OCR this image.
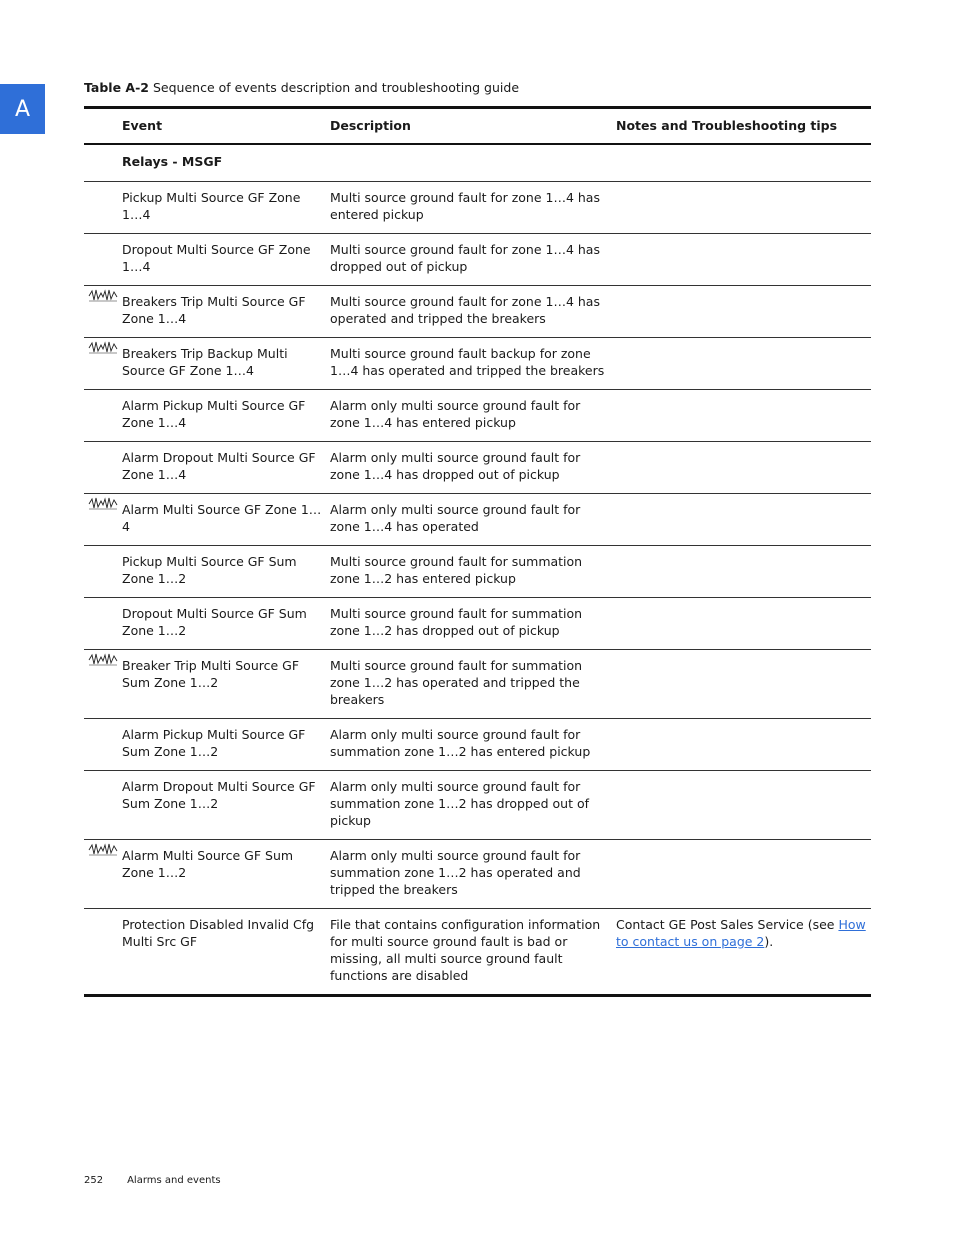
A
Table A-2 Sequence of events description and troubleshooting guide
	Event	Description	Notes and Troubleshooting tips
	Relays - MSGF		
	Pickup Multi Source GF Zone 1…4	Multi source ground fault for zone 1…4 has entered pickup	
	Dropout Multi Source GF Zone 1…4	Multi source ground fault for zone 1…4 has dropped out of pickup	

	Breakers Trip Multi Source GF Zone 1…4	Multi source ground fault for zone 1…4 has operated and tripped the breakers	

	Breakers Trip Backup Multi Source GF Zone 1…4	Multi source ground fault backup for zone 1…4 has operated and tripped the breakers	
	Alarm Pickup Multi Source GF Zone 1…4	Alarm only multi source ground fault for zone 1…4 has entered pickup	
	Alarm Dropout Multi Source GF Zone 1…4	Alarm only multi source ground fault for zone 1…4 has dropped out of pickup	

	Alarm Multi Source GF Zone 1…4	Alarm only multi source ground fault for zone 1…4 has operated	
	Pickup Multi Source GF Sum Zone 1…2	Multi source ground fault for summation zone 1…2 has entered pickup	
	Dropout Multi Source GF Sum Zone 1…2	Multi source ground fault for summation zone 1…2 has dropped out of pickup	

	Breaker Trip Multi Source GF Sum Zone 1…2	Multi source ground fault for summation zone 1…2 has operated and tripped the breakers	
	Alarm Pickup Multi Source GF Sum Zone 1…2	Alarm only multi source ground fault for summation zone 1…2 has entered pickup	
	Alarm Dropout Multi Source GF Sum Zone 1…2	Alarm only multi source ground fault for summation zone 1…2 has dropped out of pickup	

	Alarm Multi Source GF Sum Zone 1…2	Alarm only multi source ground fault for summation zone 1…2 has operated and tripped the breakers	
	Protection Disabled Invalid Cfg Multi Src GF	File that contains configuration information for multi source ground fault is bad or missing, all multi source ground fault functions are disabled	Contact GE Post Sales Service (see How to contact us on page 2).
252 Alarms and events
